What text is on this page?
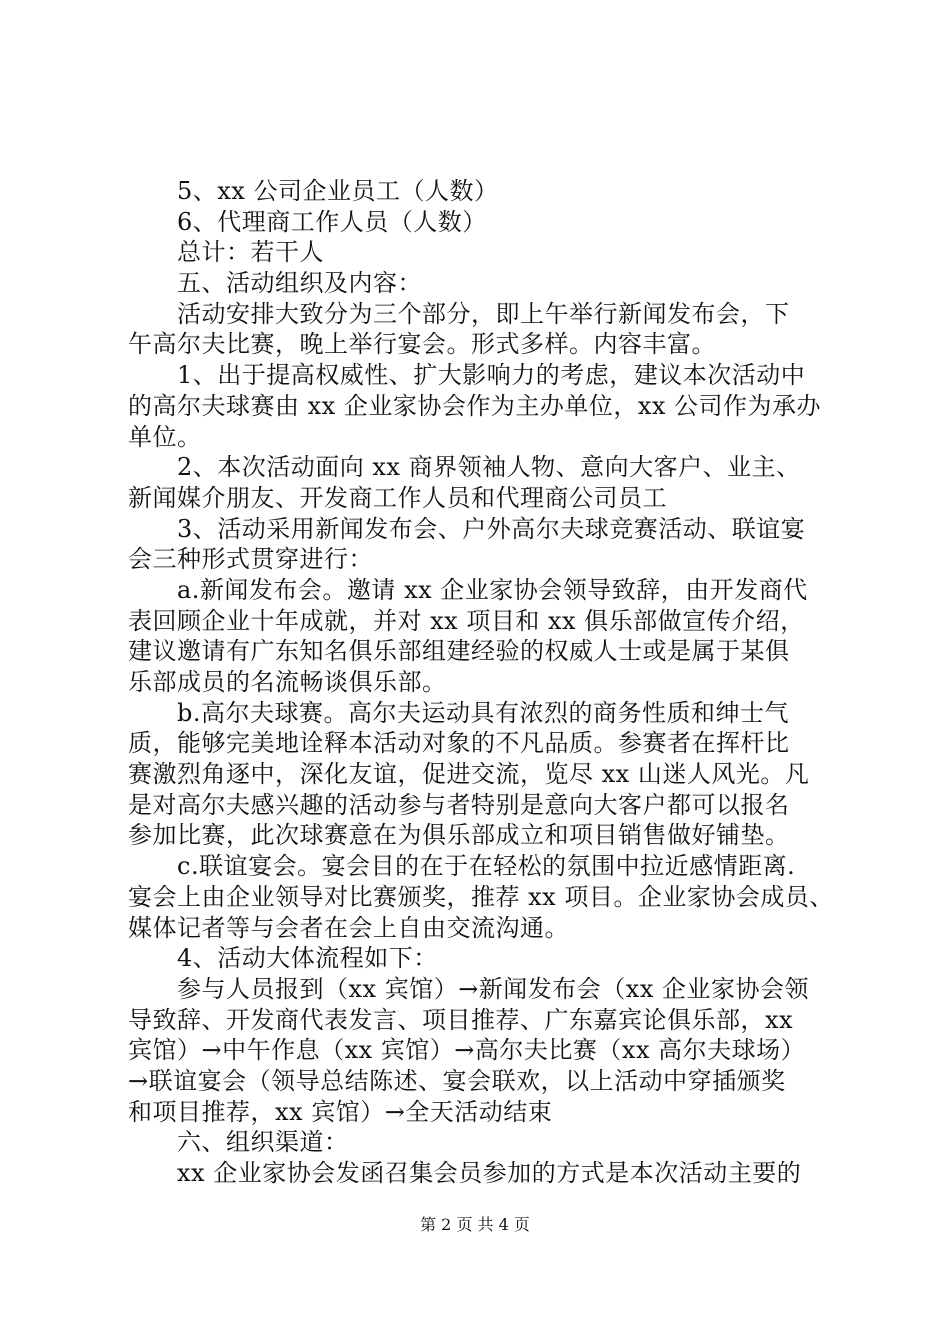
5、xx 公司企业员工（人数）
6、代理商工作人员（人数）
总计：若干人
五、活动组织及内容：
活动安排大致分为三个部分，即上午举行新闻发布会，下
午高尔夫比赛，晚上举行宴会。形式多样。内容丰富。
1、出于提高权威性、扩大影响力的考虑，建议本次活动中
的高尔夫球赛由 xx 企业家协会作为主办单位，xx 公司作为承办
单位。
2、本次活动面向 xx 商界领袖人物、意向大客户、业主、
新闻媒介朋友、开发商工作人员和代理商公司员工
3、活动采用新闻发布会、户外高尔夫球竞赛活动、联谊宴
会三种形式贯穿进行：
a.新闻发布会。邀请 xx 企业家协会领导致辞，由开发商代
表回顾企业十年成就，并对 xx 项目和 xx 俱乐部做宣传介绍，
建议邀请有广东知名俱乐部组建经验的权威人士或是属于某俱
乐部成员的名流畅谈俱乐部。
b.高尔夫球赛。高尔夫运动具有浓烈的商务性质和绅士气
质，能够完美地诠释本活动对象的不凡品质。参赛者在挥杆比
赛激烈角逐中，深化友谊，促进交流，览尽 xx 山迷人风光。凡
是对高尔夫感兴趣的活动参与者特别是意向大客户都可以报名
参加比赛，此次球赛意在为俱乐部成立和项目销售做好铺垫。
c.联谊宴会。宴会目的在于在轻松的氛围中拉近感情距离.
宴会上由企业领导对比赛颁奖，推荐 xx 项目。企业家协会成员、
媒体记者等与会者在会上自由交流沟通。
4、活动大体流程如下：
参与人员报到（xx 宾馆）→新闻发布会（xx 企业家协会领
导致辞、开发商代表发言、项目推荐、广东嘉宾论俱乐部，xx
宾馆）→中午作息（xx 宾馆）→高尔夫比赛（xx 高尔夫球场）
→联谊宴会（领导总结陈述、宴会联欢，以上活动中穿插颁奖
和项目推荐，xx 宾馆）→全天活动结束
六、组织渠道：
xx 企业家协会发函召集会员参加的方式是本次活动主要的
第 2 页 共 4 页
